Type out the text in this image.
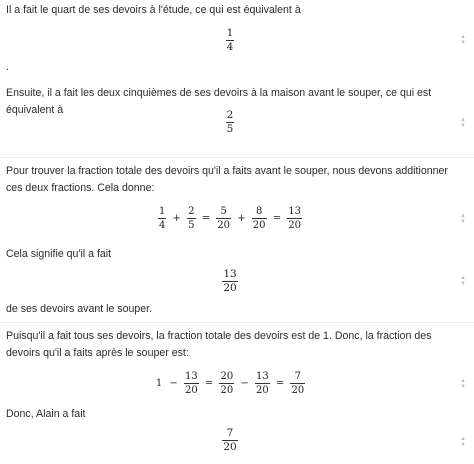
Il a fait le quart de ses devoirs à l'étude, ce qui est équivalent à
$\frac{1}{4}$	▲
▼
.
Ensuite, il a fait les deux cinquièmes de ses devoirs à la maison avant le souper, ce qui est équivalent à	$\frac{2}{5}$	▲
▼
Pour trouver la fraction totale des devoirs qu'il a faits avant le souper, nous devons additionner ces deux fractions. Cela donne:
$\frac{1}{4} + \frac{2}{5} = \frac{5}{20} + \frac{8}{20} = \frac{13}{20}$	▲
▼
Cela signifie qu'il a fait
$\frac{13}{20}$	▲
▼
de ses devoirs avant le souper.
Puisqu'il a fait tous ses devoirs, la fraction totale des devoirs est de 1. Donc, la fraction des devoirs qu'il a faits après le souper est:
$1 - \frac{13}{20} = \frac{20}{20} - \frac{13}{20} = \frac{7}{20}$	▲
▼
Donc, Alain a fait
$\frac{7}{20}$	▲
▼
